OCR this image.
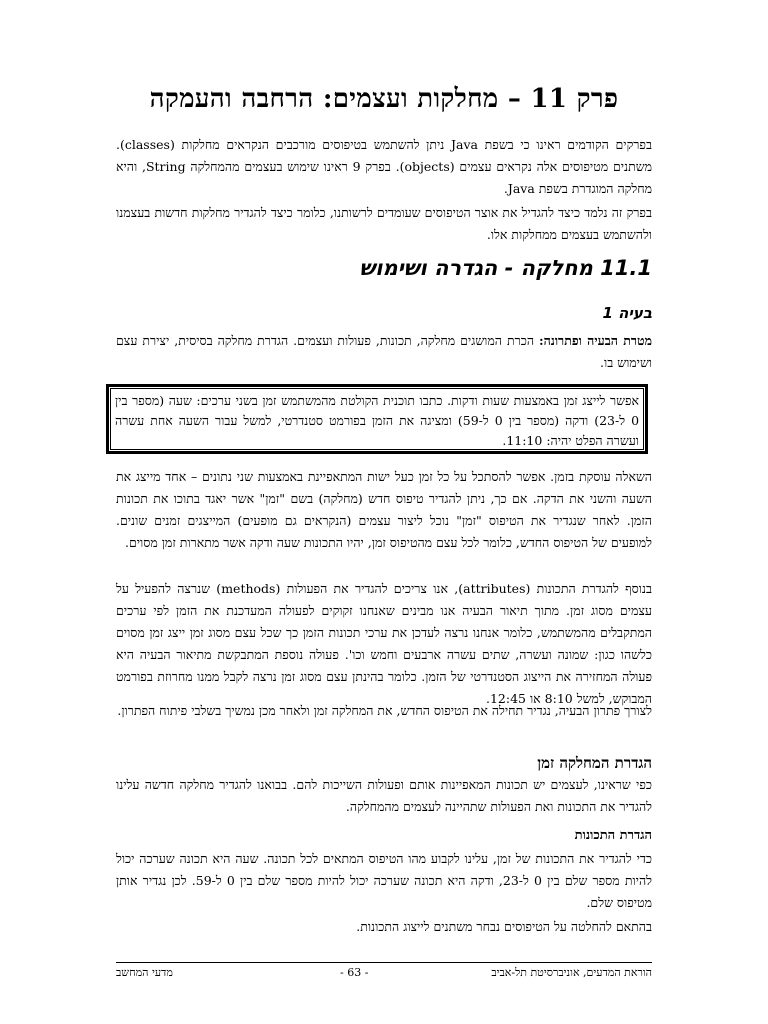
פרק 11 – מחלקות ועצמים: הרחבה והעמקה

בפרקים הקודמים ראינו כי בשפת Java ניתן להשתמש בטיפוסים מורכבים הנקראים מחלקות (classes). משתנים מטיפוסים אלה נקראים עצמים (objects). בפרק 9 ראינו שימוש בעצמים מהמחלקה String, והיא מחלקה המוגדרת בשפת Java.

בפרק זה נלמד כיצד להגדיל את אוצר הטיפוסים שעומדים לרשותנו, כלומר כיצד להגדיר מחלקות חדשות בעצמנו ולהשתמש בעצמים ממחלקות אלו.

11.1 מחלקה - הגדרה ושימוש
בעיה 1

מטרת הבעיה ופתרונה: הכרת המושגים מחלקה, תכונות, פעולות ועצמים. הגדרת מחלקה בסיסית, יצירת עצם ושימוש בו.

אפשר לייצג זמן באמצעות שעות ודקות. כתבו תוכנית הקולטת מהמשתמש זמן בשני ערכים: שעה (מספר בין 0 ל-23) ודקה (מספר בין 0 ל-59) ומציגה את הזמן בפורמט סטנדרטי, למשל עבור השעה אחת עשרה ועשרה הפלט יהיה: 11:10.

השאלה עוסקת בזמן. אפשר להסתכל על כל זמן כעל ישות המתאפיינת באמצעות שני נתונים – אחד מייצג את השעה והשני את הדקה. אם כך, ניתן להגדיר טיפוס חדש (מחלקה) בשם "זמן" אשר יאגד בתוכו את תכונות הזמן. לאחר שנגדיר את הטיפוס "זמן" נוכל ליצור עצמים (הנקראים גם מופעים) המייצגים זמנים שונים. למופעים של הטיפוס החדש, כלומר לכל עצם מהטיפוס זמן, יהיו התכונות שעה ודקה אשר מתארות זמן מסוים.

בנוסף להגדרת התכונות (attributes), אנו צריכים להגדיר את הפעולות (methods) שנרצה להפעיל על עצמים מסוג זמן. מתוך תיאור הבעיה אנו מבינים שאנחנו זקוקים לפעולה המעדכנת את הזמן לפי ערכים המתקבלים מהמשתמש, כלומר אנחנו נרצה לעדכן את ערכי תכונות הזמן כך שכל עצם מסוג זמן ייצג זמן מסוים כלשהו כגון: שמונה ועשרה, שתים עשרה ארבעים וחמש וכו'. פעולה נוספת המתבקשת מתיאור הבעיה היא פעולה המחזירה את הייצוג הסטנדרטי של הזמן. כלומר בהינתן עצם מסוג זמן נרצה לקבל ממנו מחרוזת בפורמט המבוקש, למשל 8:10 או 12:45.

לצורך פתרון הבעיה, נגדיר תחילה את הטיפוס החדש, את המחלקה זמן ולאחר מכן נמשיך בשלבי פיתוח הפתרון.

הגדרת המחלקה זמן

כפי שראינו, לעצמים יש תכונות המאפיינות אותם ופעולות השייכות להם. בבואנו להגדיר מחלקה חדשה עלינו להגדיר את התכונות ואת הפעולות שתהיינה לעצמים מהמחלקה.

הגדרת התכונות

כדי להגדיר את התכונות של זמן, עלינו לקבוע מהו הטיפוס המתאים לכל תכונה. שעה היא תכונה שערכה יכול להיות מספר שלם בין 0 ל-23, ודקה היא תכונה שערכה יכול להיות מספר שלם בין 0 ל-59. לכן נגדיר אותן מטיפוס שלם.

בהתאם להחלטה על הטיפוסים נבחר משתנים לייצוג התכונות.

הוראת המדעים, אוניברסיטת תל-אביב
- 63 -
מדעי המחשב
